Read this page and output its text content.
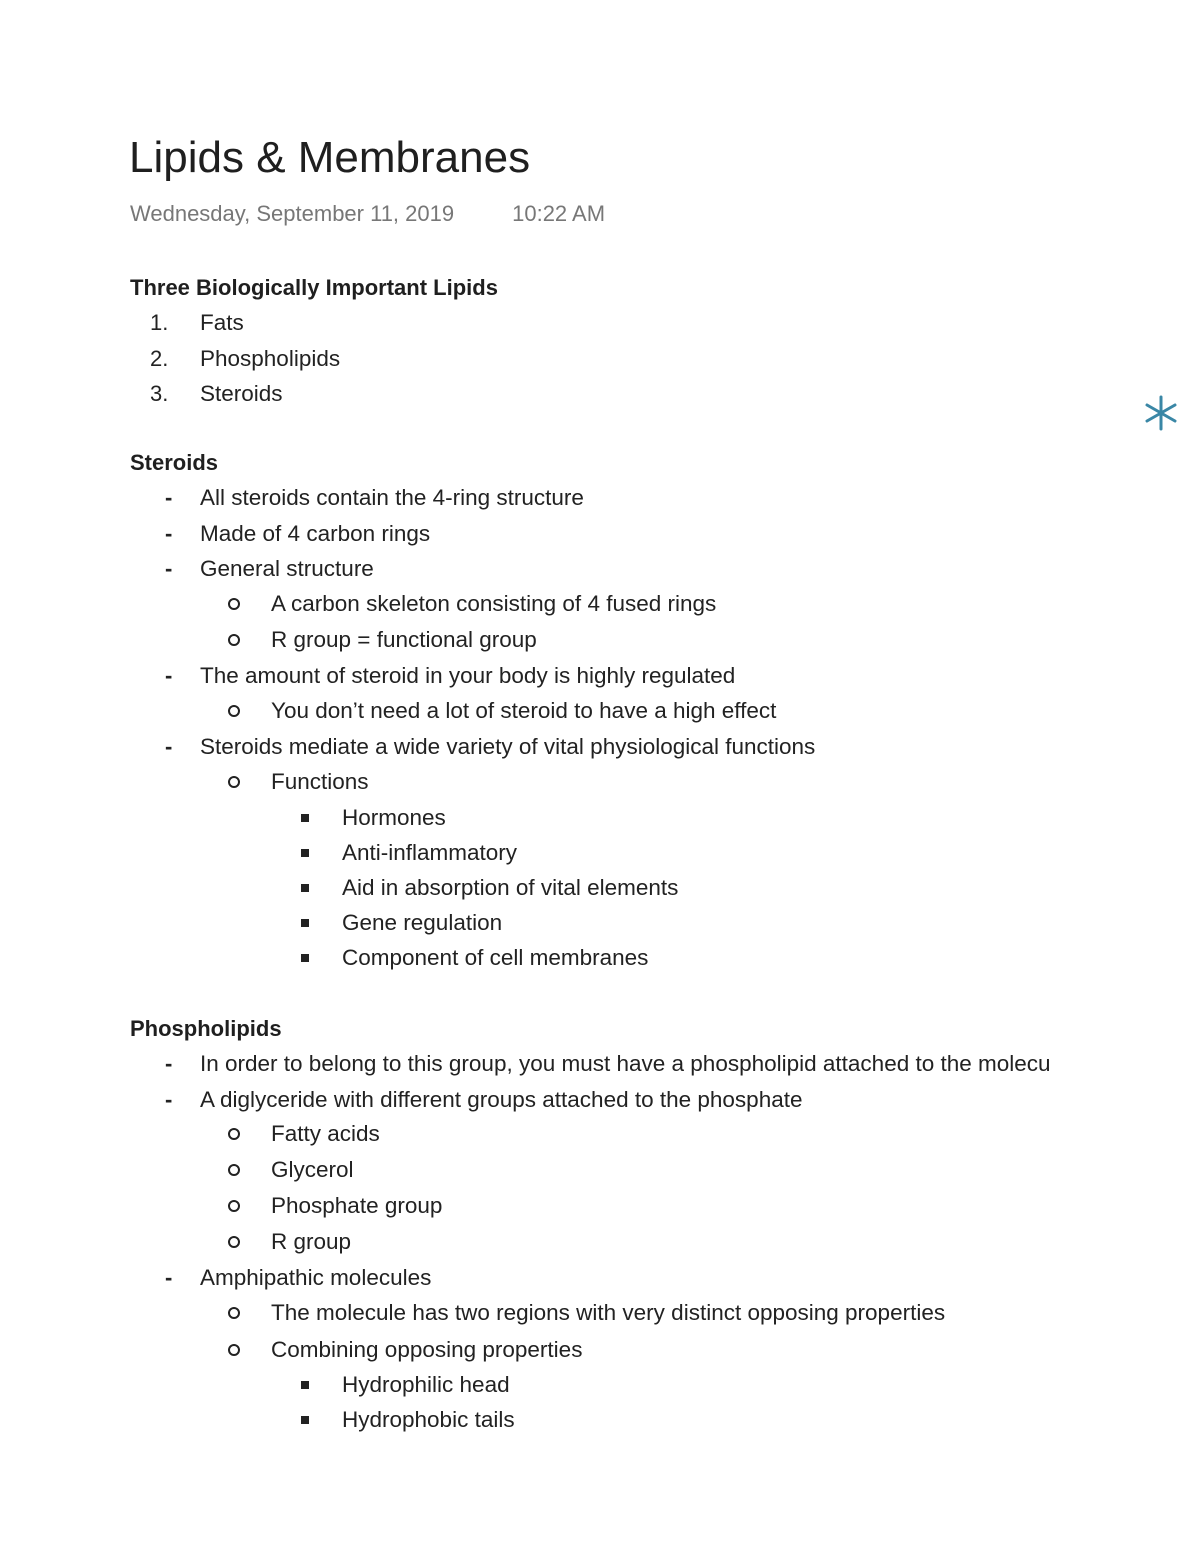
Lipids & Membranes
Wednesday, September 11, 2019	10:22 AM
Three Biologically Important Lipids
1. Fats
2. Phospholipids
3. Steroids
Steroids
- All steroids contain the 4-ring structure
- Made of 4 carbon rings
- General structure
A carbon skeleton consisting of 4 fused rings
R group = functional group
- The amount of steroid in your body is highly regulated
You don’t need a lot of steroid to have a high effect
- Steroids mediate a wide variety of vital physiological functions
Functions
Hormones
Anti-inflammatory
Aid in absorption of vital elements
Gene regulation
Component of cell membranes
Phospholipids
- In order to belong to this group, you must have a phospholipid attached to the molecu
- A diglyceride with different groups attached to the phosphate
Fatty acids
Glycerol
Phosphate group
R group
- Amphipathic molecules
The molecule has two regions with very distinct opposing properties
Combining opposing properties
Hydrophilic head
Hydrophobic tails
